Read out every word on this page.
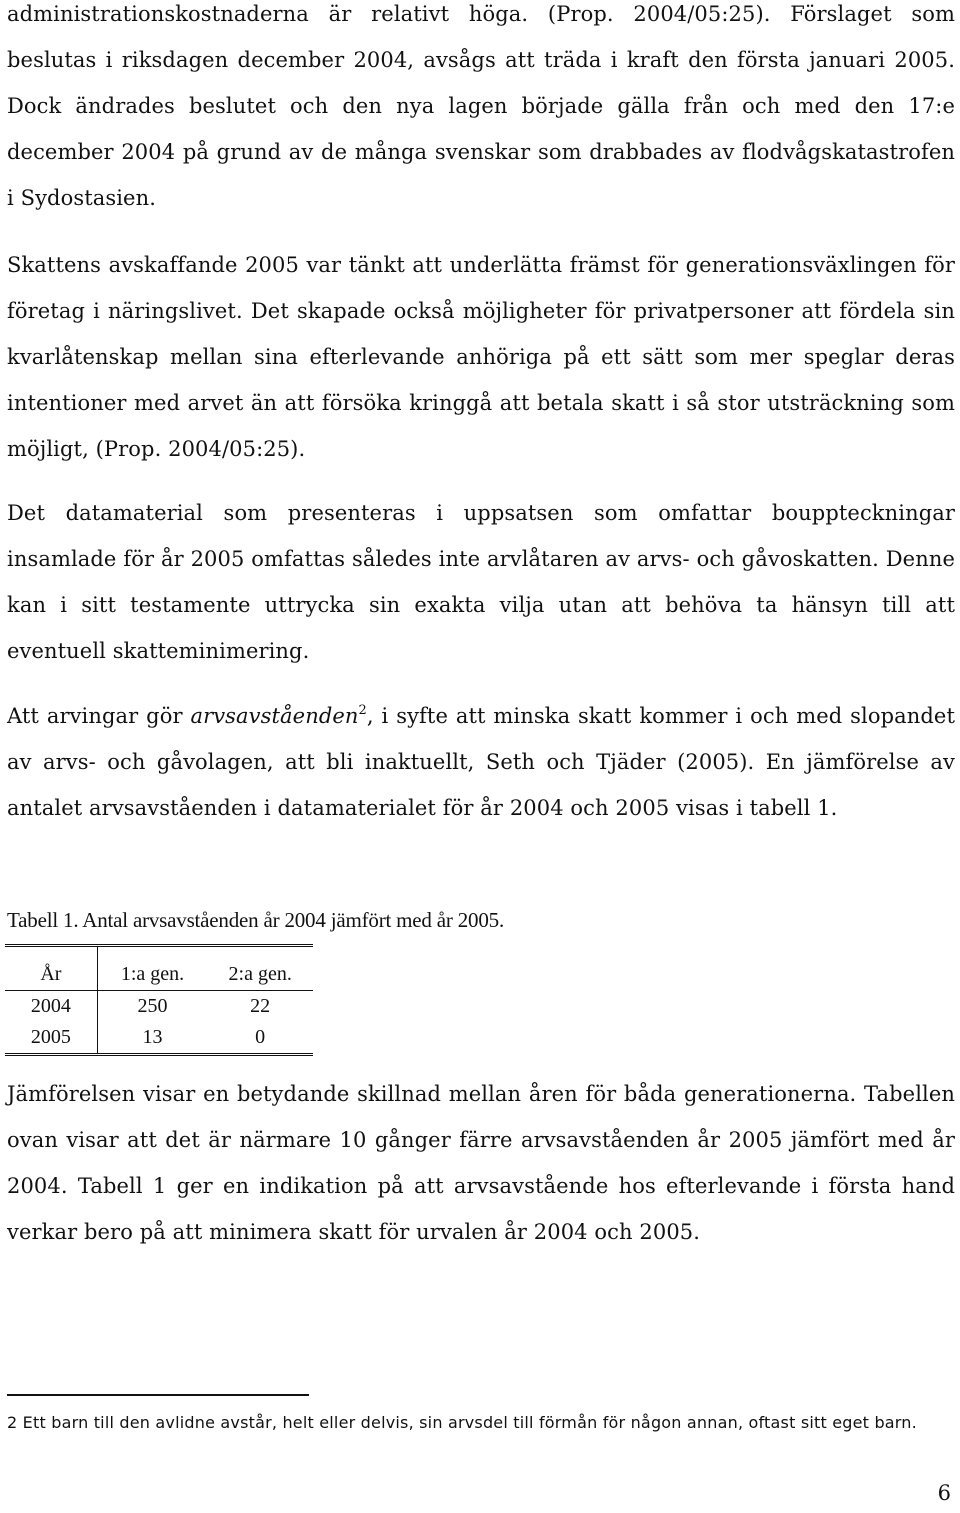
administrationskostnaderna är relativt höga. (Prop. 2004/05:25). Förslaget som beslutas i riksdagen december 2004, avsågs att träda i kraft den första januari 2005. Dock ändrades beslutet och den nya lagen började gälla från och med den 17:e december 2004 på grund av de många svenskar som drabbades av flodvågskatastrofen i Sydostasien.

Skattens avskaffande 2005 var tänkt att underlätta främst för generationsväxlingen för företag i näringslivet. Det skapade också möjligheter för privatpersoner att fördela sin kvarlåtenskap mellan sina efterlevande anhöriga på ett sätt som mer speglar deras intentioner med arvet än att försöka kringgå att betala skatt i så stor utsträckning som möjligt, (Prop. 2004/05:25).

Det datamaterial som presenteras i uppsatsen som omfattar bouppteckningar insamlade för år 2005 omfattas således inte arvlåtaren av arvs- och gåvoskatten. Denne kan i sitt testamente uttrycka sin exakta vilja utan att behöva ta hänsyn till att eventuell skatteminimering.

Att arvingar gör arvsavståenden$^2$, i syfte att minska skatt kommer i och med slopandet av arvs- och gåvolagen, att bli inaktuellt, Seth och Tjäder (2005). En jämförelse av antalet arvsavståenden i datamaterialet för år 2004 och 2005 visas i tabell 1.

Tabell 1. Antal arvsavståenden år 2004 jämfört med år 2005.
År	1:a gen.	2:a gen.
2004	250	22
2005	13	0

Jämförelsen visar en betydande skillnad mellan åren för båda generationerna. Tabellen ovan visar att det är närmare 10 gånger färre arvsavståenden år 2005 jämfört med år 2004. Tabell 1 ger en indikation på att arvsavstående hos efterlevande i första hand verkar bero på att minimera skatt för urvalen år 2004 och 2005.

2 Ett barn till den avlidne avstår, helt eller delvis, sin arvsdel till förmån för någon annan, oftast sitt eget barn.
6
